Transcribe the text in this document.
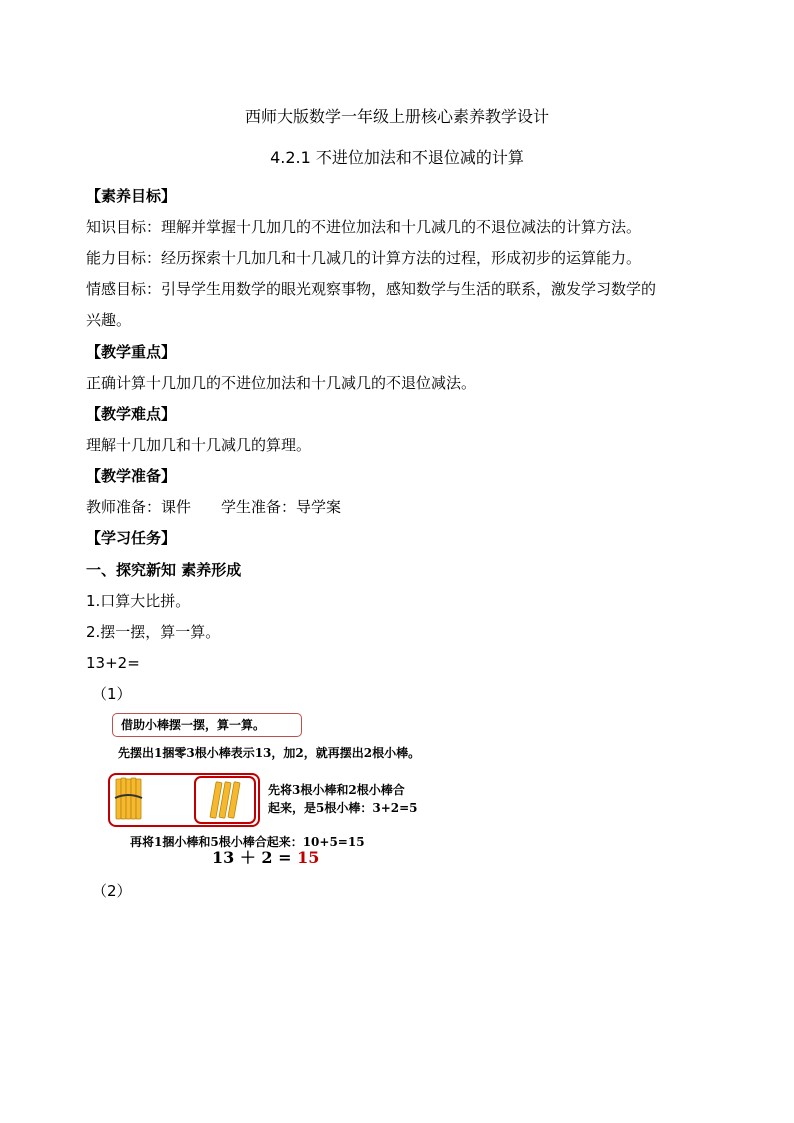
西师大版数学一年级上册核心素养教学设计
4.2.1 不进位加法和不退位减的计算
【素养目标】
知识目标：理解并掌握十几加几的不进位加法和十几减几的不退位减法的计算方法。
能力目标：经历探索十几加几和十几减几的计算方法的过程，形成初步的运算能力。
情感目标：引导学生用数学的眼光观察事物，感知数学与生活的联系，激发学习数学的
兴趣。
【教学重点】
正确计算十几加几的不进位加法和十几减几的不退位减法。
【教学难点】
理解十几加几和十几减几的算理。
【教学准备】
教师准备：课件　　学生准备：导学案
【学习任务】
一、探究新知 素养形成
1.口算大比拼。
2.摆一摆，算一算。
13+2=
（1）
借助小棒摆一摆，算一算。
先摆出1捆零3根小棒表示13，加2，就再摆出2根小棒。
先将3根小棒和2根小棒合
起来，是5根小棒：3+2=5
再将1捆小棒和5根小棒合起来：10+5=15
13 ＋ 2 = 15
（2）
